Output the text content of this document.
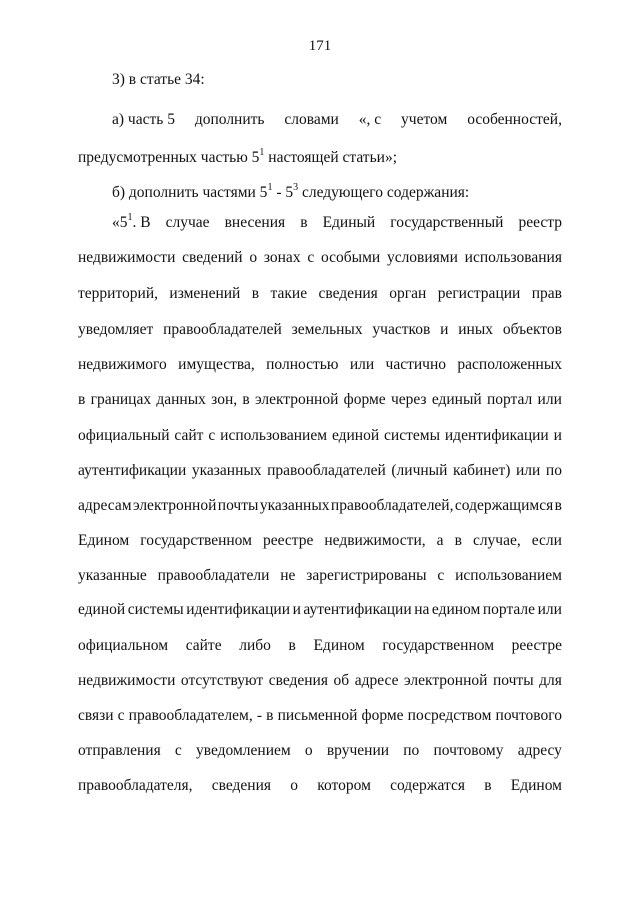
171
3) в статье 34:
а) часть 5 дополнить словами «, с учетом особенностей,
предусмотренных частью $5^1$ настоящей статьи»;
б) дополнить частями $5^1 - 5^3$ следующего содержания:
«$5^1$. В случае внесения в Единый государственный реестр
недвижимости сведений о зонах с особыми условиями использования
территорий, изменений в такие сведения орган регистрации прав
уведомляет правообладателей земельных участков и иных объектов
недвижимого имущества, полностью или частично расположенных
в границах данных зон, в электронной форме через единый портал или
официальный сайт с использованием единой системы идентификации и
аутентификации указанных правообладателей (личный кабинет) или по
адресам электронной почты указанных правообладателей, содержащимся в
Едином государственном реестре недвижимости, а в случае, если
указанные правообладатели не зарегистрированы с использованием
единой системы идентификации и аутентификации на едином портале или
официальном сайте либо в Едином государственном реестре
недвижимости отсутствуют сведения об адресе электронной почты для
связи с правообладателем, - в письменной форме посредством почтового
отправления с уведомлением о вручении по почтовому адресу
правообладателя, сведения о котором содержатся в Едином
